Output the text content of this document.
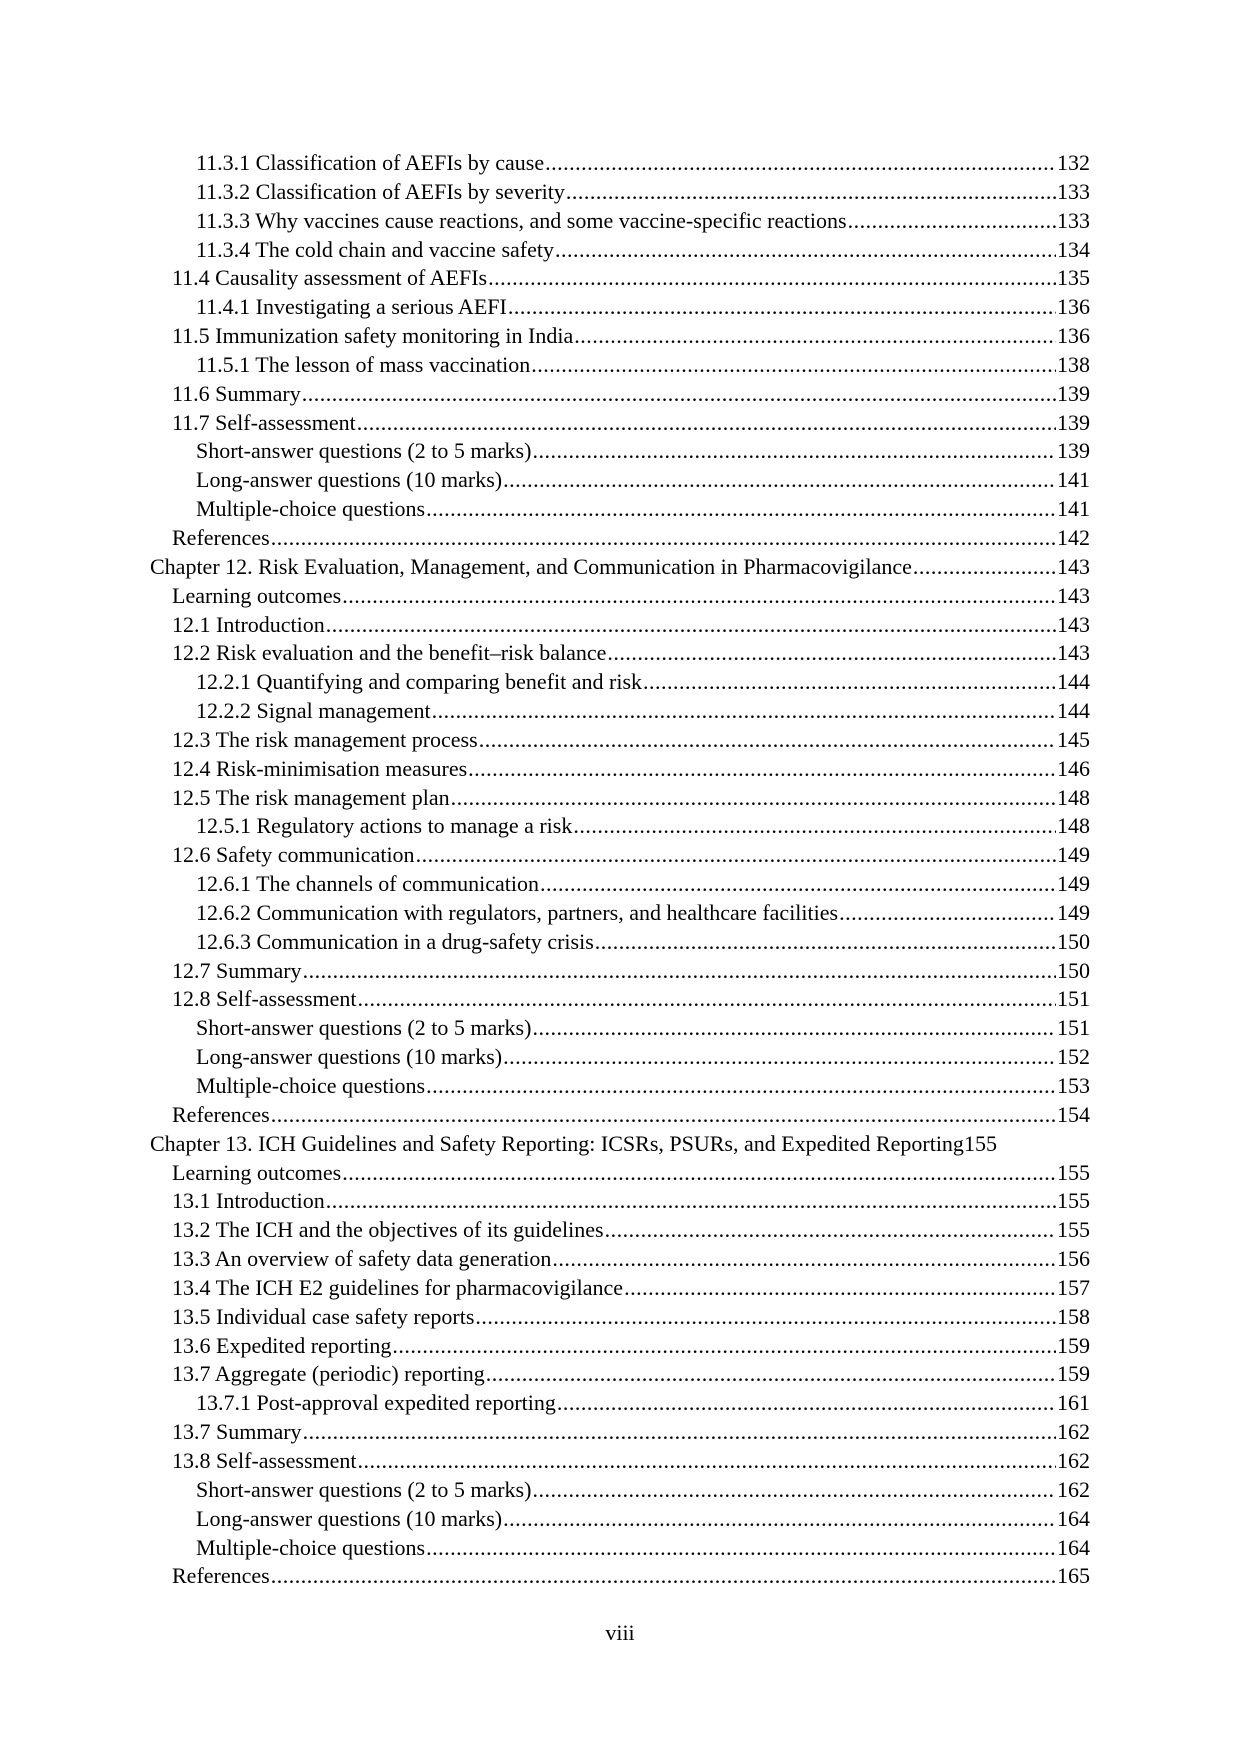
11.3.1 Classification of AEFIs by cause .....	132
11.3.2 Classification of AEFIs by severity .....	133
11.3.3 Why vaccines cause reactions, and some vaccine-specific reactions .....	133
11.3.4 The cold chain and vaccine safety .....	134
11.4 Causality assessment of AEFIs .....	135
11.4.1 Investigating a serious AEFI .....	136
11.5 Immunization safety monitoring in India .....	136
11.5.1 The lesson of mass vaccination .....	138
11.6 Summary .....	139
11.7 Self-assessment .....	139
Short-answer questions (2 to 5 marks) .....	139
Long-answer questions (10 marks) .....	141
Multiple-choice questions .....	141
References .....	142
Chapter 12. Risk Evaluation, Management, and Communication in Pharmacovigilance .....	143
Learning outcomes .....	143
12.1 Introduction .....	143
12.2 Risk evaluation and the benefit–risk balance .....	143
12.2.1 Quantifying and comparing benefit and risk .....	144
12.2.2 Signal management .....	144
12.3 The risk management process .....	145
12.4 Risk-minimisation measures .....	146
12.5 The risk management plan .....	148
12.5.1 Regulatory actions to manage a risk .....	148
12.6 Safety communication .....	149
12.6.1 The channels of communication .....	149
12.6.2 Communication with regulators, partners, and healthcare facilities .....	149
12.6.3 Communication in a drug-safety crisis .....	150
12.7 Summary .....	150
12.8 Self-assessment .....	151
Short-answer questions (2 to 5 marks) .....	151
Long-answer questions (10 marks) .....	152
Multiple-choice questions .....	153
References .....	154
Chapter 13. ICH Guidelines and Safety Reporting: ICSRs, PSURs, and Expedited Reporting 155
Learning outcomes .....	155
13.1 Introduction .....	155
13.2 The ICH and the objectives of its guidelines .....	155
13.3 An overview of safety data generation .....	156
13.4 The ICH E2 guidelines for pharmacovigilance .....	157
13.5 Individual case safety reports .....	158
13.6 Expedited reporting .....	159
13.7 Aggregate (periodic) reporting .....	159
13.7.1 Post-approval expedited reporting .....	161
13.7 Summary .....	162
13.8 Self-assessment .....	162
Short-answer questions (2 to 5 marks) .....	162
Long-answer questions (10 marks) .....	164
Multiple-choice questions .....	164
References .....	165
viii
